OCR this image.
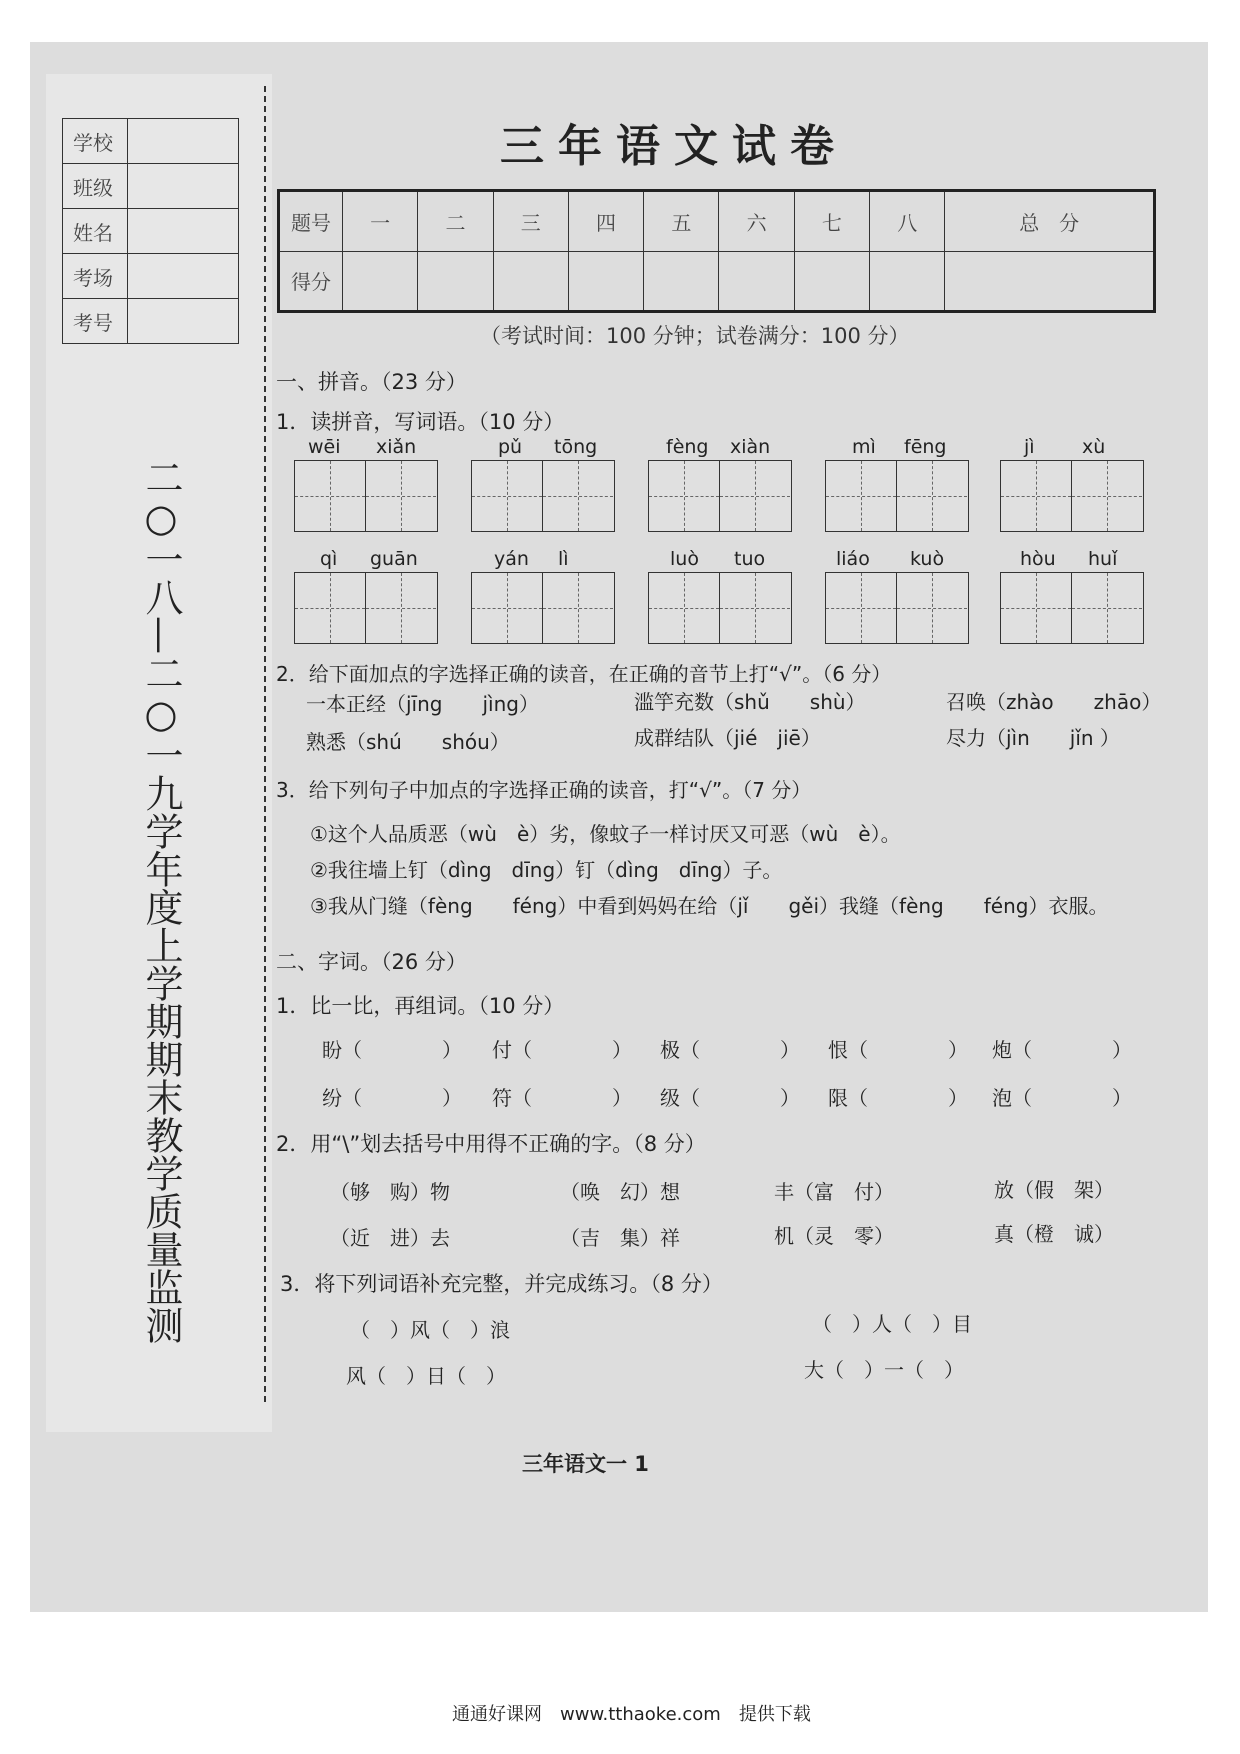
学校	
班级	
姓名	
考场	
考号	
二○一八—二○一九学年度上学期期末教学质量监测
三年语文试卷
题号	一	二	三	四	五	六	七	八	总　分
得分									
（考试时间：100 分钟；试卷满分：100 分）
一、拼音。（23 分）
1．读拼音，写词语。（10 分）
wēi xiǎn	pǔ tōng	fèng xiàn	mì fēng	jì xù
qì guān	yán lì	luò tuo	liáo kuò	hòu huǐ
2．给下面加点的字选择正确的读音，在正确的音节上打“√”。（6 分）
一本正经（jīng　　jìng）	滥竽充数（shǔ　　shù）	召唤（zhào　　zhāo）
熟悉（shú　　shóu）	成群结队（jié　jiē）	尽力（jìn　　jǐn ）
3．给下列句子中加点的字选择正确的读音，打“√”。（7 分）
①这个人品质恶（wù　è）劣，像蚊子一样讨厌又可恶（wù　è）。
②我往墙上钉（dìng　dīng）钉（dìng　dīng）子。
③我从门缝（fèng　　féng）中看到妈妈在给（jǐ　　gěi）我缝（fèng　　féng）衣服。
二、字词。（26 分）
1．比一比，再组词。（10 分）
盼（　　　　） 付（　　　　） 极（　　　　） 恨（　　　　） 炮（　　　　）
纷（　　　　） 符（　　　　） 级（　　　　） 限（　　　　） 泡（　　　　）
2．用“\”划去括号中用得不正确的字。（8 分）
（够　购）物	（唤　幻）想	丰（富　付）	放（假　架）
（近　进）去	（吉　集）祥	机（灵　零）	真（橙　诚）
3．将下列词语补充完整，并完成练习。（8 分）
（　）风（　）浪	（　）人（　）目
风（　）日（　）	大（　）一（　）
三年语文一 1
通通好课网　www.tthaoke.com　提供下载
